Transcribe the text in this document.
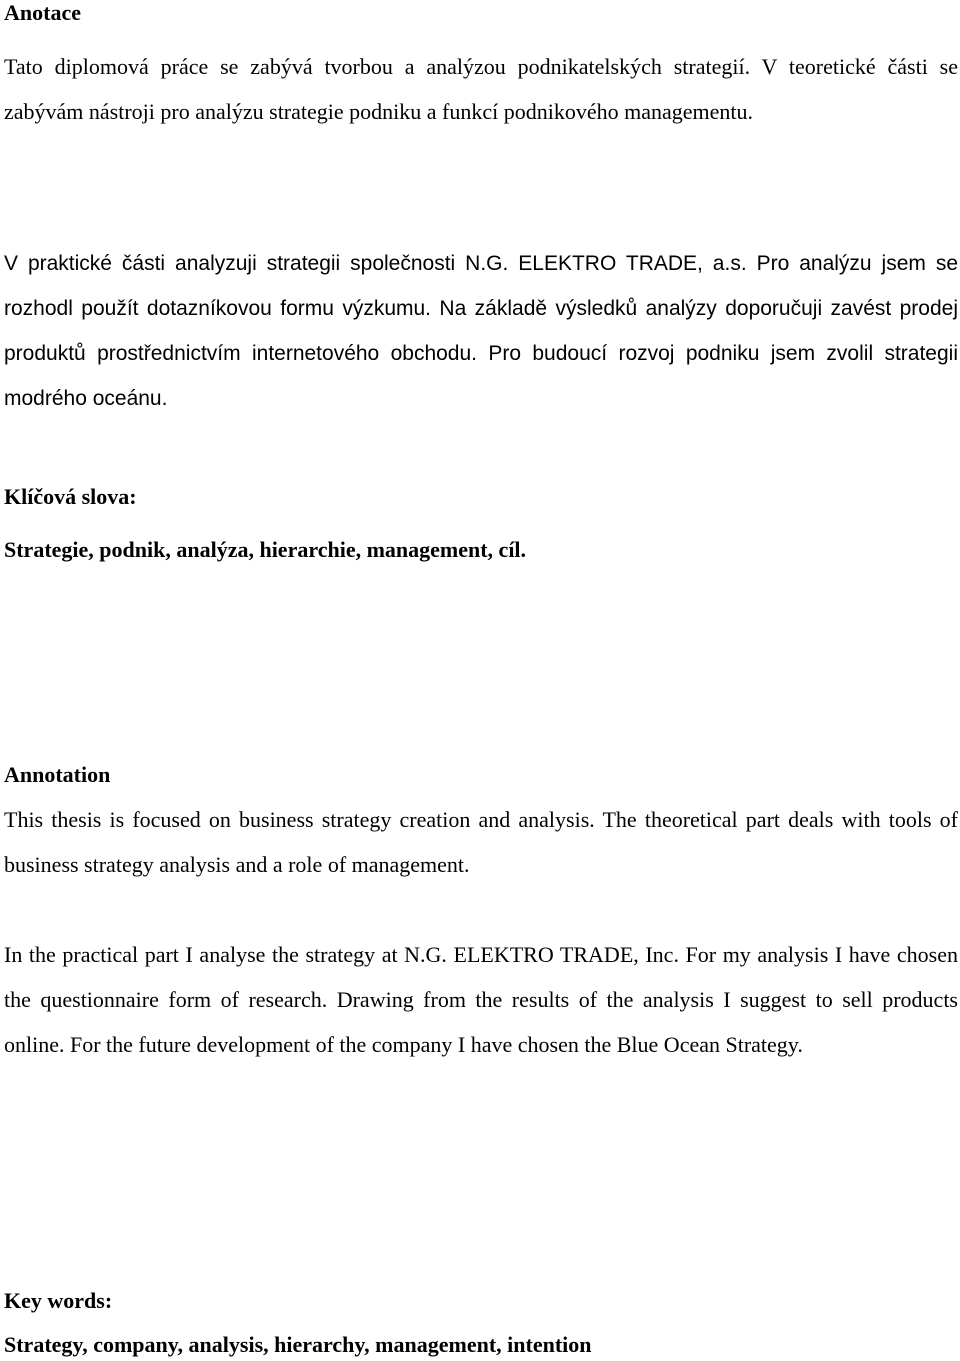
Anotace

Tato diplomová práce se zabývá tvorbou a analýzou podnikatelských strategií. V teoretické části se zabývám nástroji pro analýzu strategie podniku a funkcí podnikového managementu.

V praktické části analyzuji strategii společnosti N.G. ELEKTRO TRADE, a.s. Pro analýzu jsem se rozhodl použít dotazníkovou formu výzkumu. Na základě výsledků analýzy doporučuji zavést prodej produktů prostřednictvím internetového obchodu. Pro budoucí rozvoj podniku jsem zvolil strategii modrého oceánu.

Klíčová slova:

Strategie, podnik, analýza, hierarchie, management, cíl.

Annotation

This thesis is focused on business strategy creation and analysis. The theoretical part deals with tools of business strategy analysis and a role of management.

In the practical part I analyse the strategy at N.G. ELEKTRO TRADE, Inc. For my analysis I have chosen the questionnaire form of research. Drawing from the results of the analysis I suggest to sell products online. For the future development of the company I have chosen the Blue Ocean Strategy.

Key words:

Strategy, company, analysis, hierarchy, management, intention
